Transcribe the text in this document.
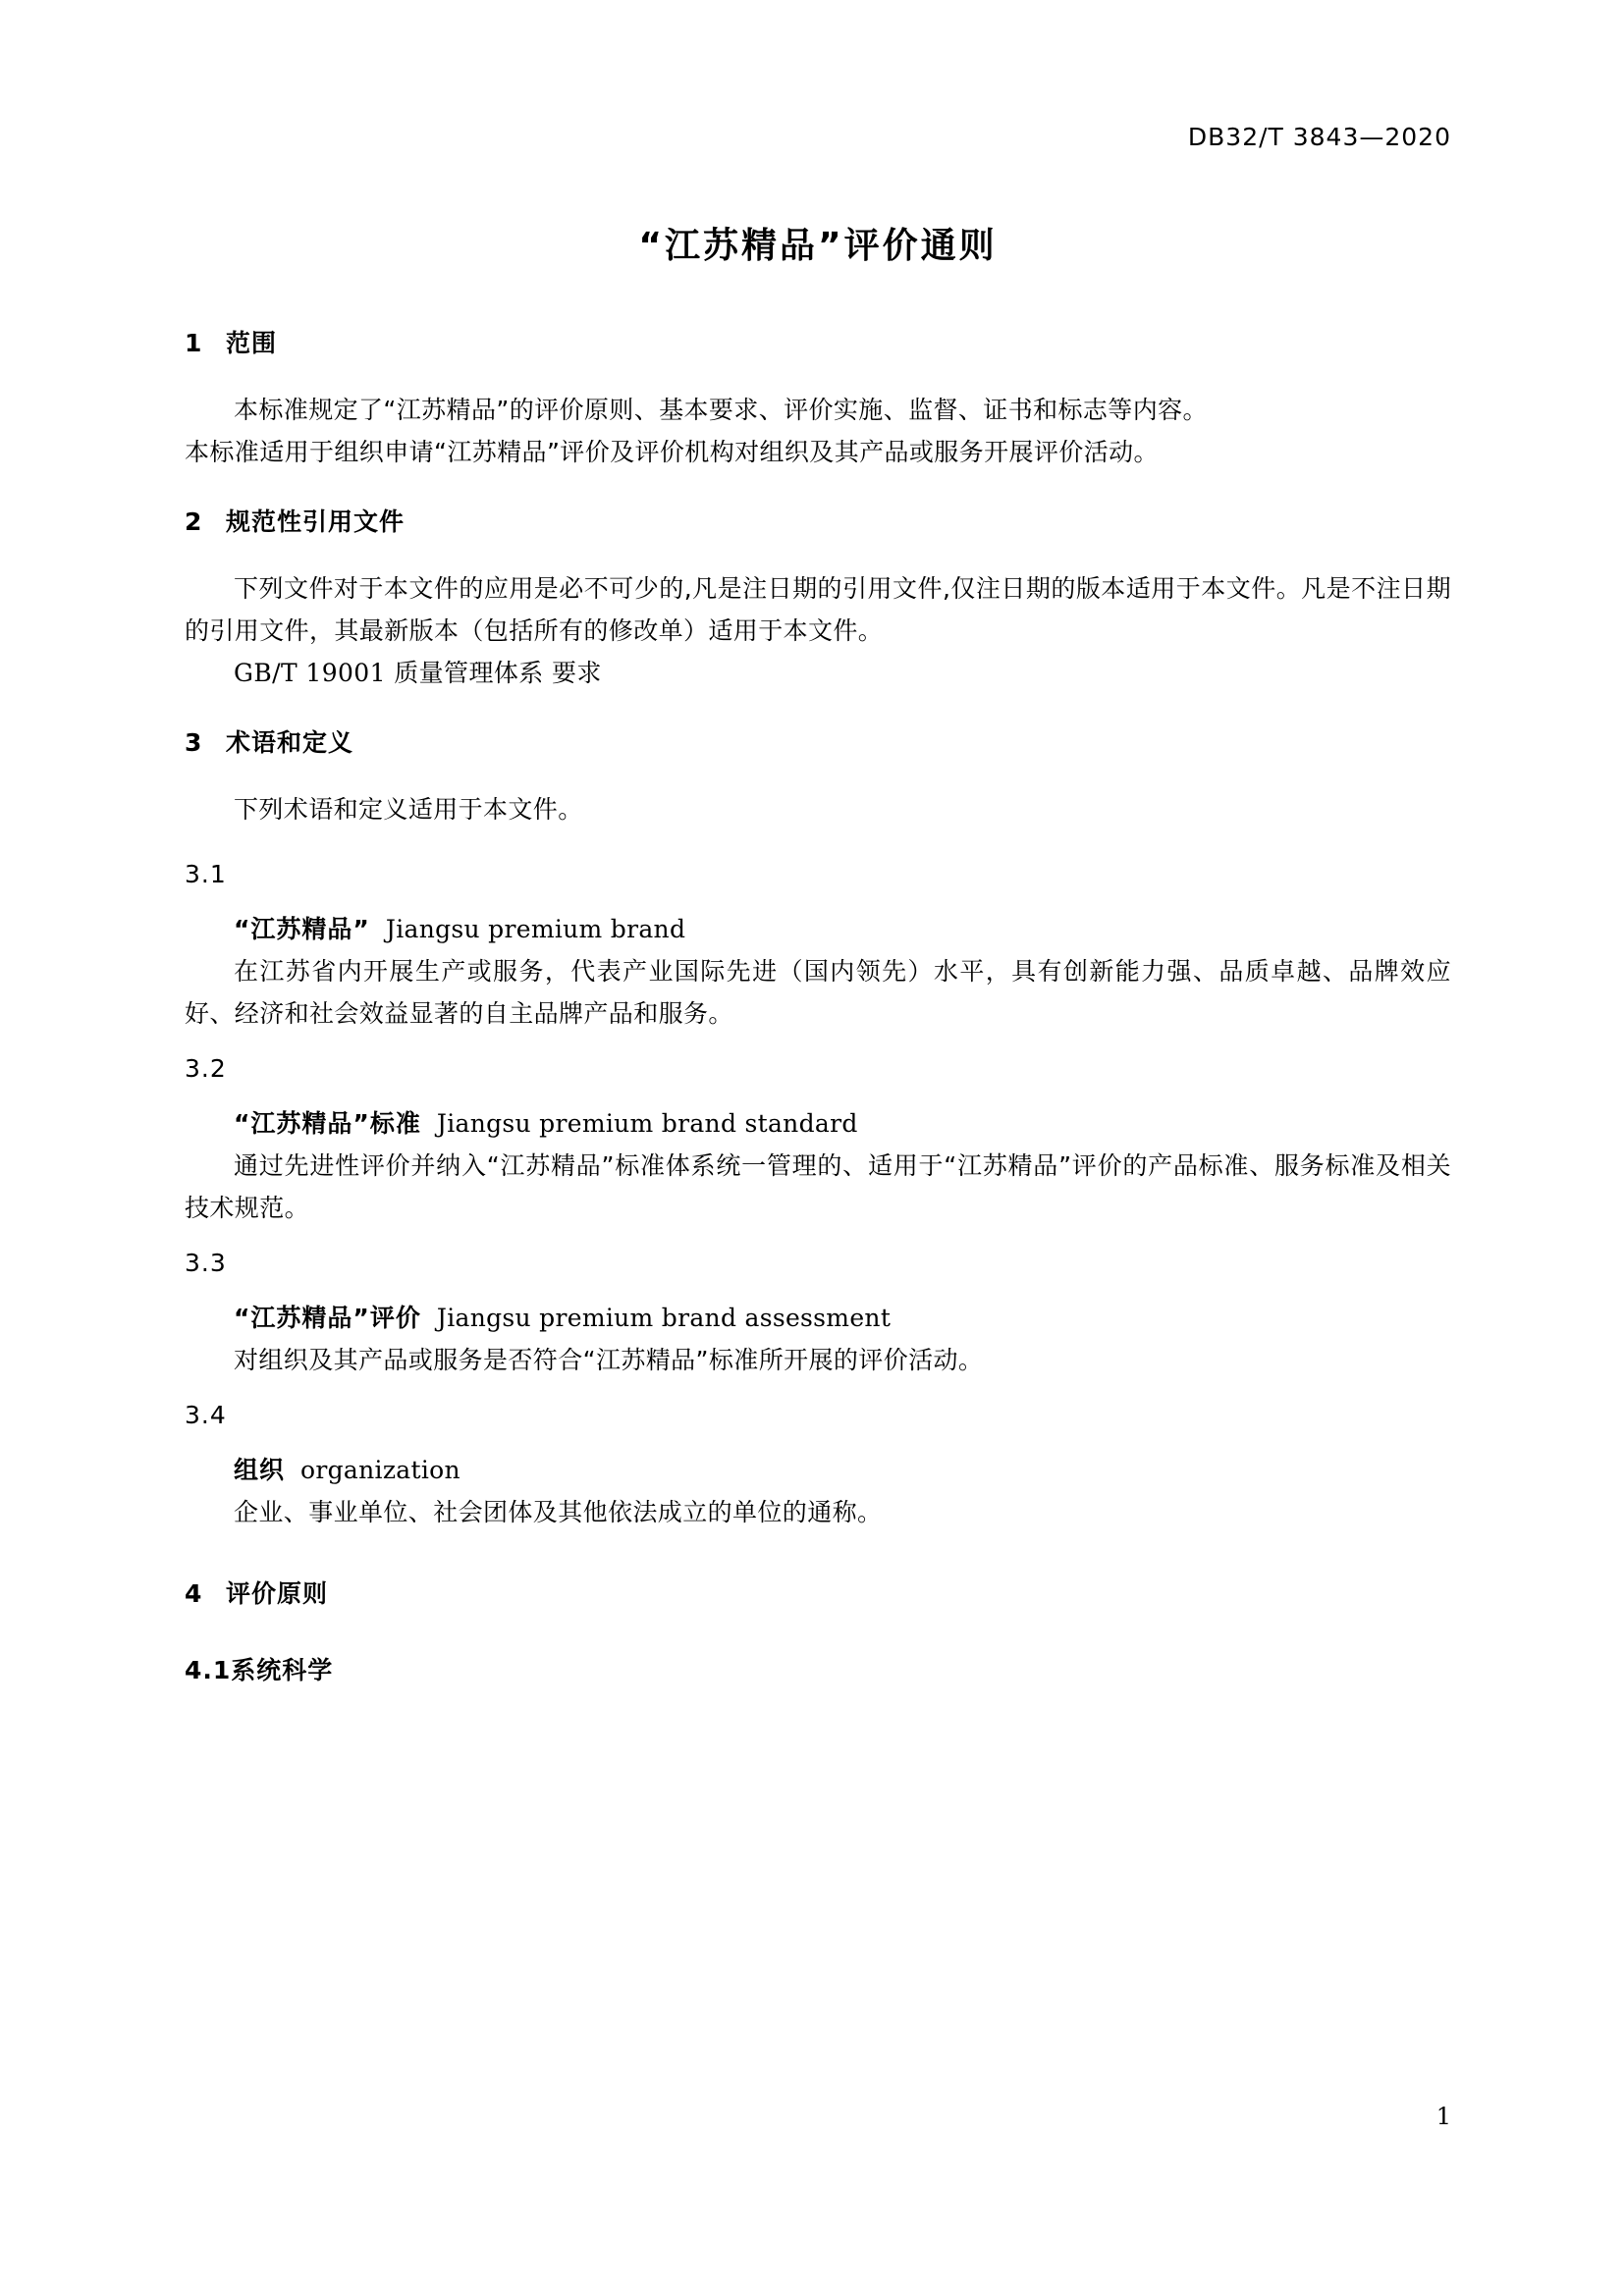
DB32/T 3843—2020
“江苏精品”评价通则
1 范围
本标准规定了“江苏精品”的评价原则、基本要求、评价实施、监督、证书和标志等内容。
本标准适用于组织申请“江苏精品”评价及评价机构对组织及其产品或服务开展评价活动。
2 规范性引用文件
下列文件对于本文件的应用是必不可少的,凡是注日期的引用文件,仅注日期的版本适用于本文件。凡是不注日期的引用文件，其最新版本（包括所有的修改单）适用于本文件。
GB/T 19001 质量管理体系 要求
3 术语和定义
下列术语和定义适用于本文件。
3.1
“江苏精品” Jiangsu premium brand
在江苏省内开展生产或服务，代表产业国际先进（国内领先）水平，具有创新能力强、品质卓越、品牌效应好、经济和社会效益显著的自主品牌产品和服务。
3.2
“江苏精品”标准 Jiangsu premium brand standard
通过先进性评价并纳入“江苏精品”标准体系统一管理的、适用于“江苏精品”评价的产品标准、服务标准及相关技术规范。
3.3
“江苏精品”评价 Jiangsu premium brand assessment
对组织及其产品或服务是否符合“江苏精品”标准所开展的评价活动。
3.4
组织 organization
企业、事业单位、社会团体及其他依法成立的单位的通称。
4 评价原则
4.1系统科学
1
